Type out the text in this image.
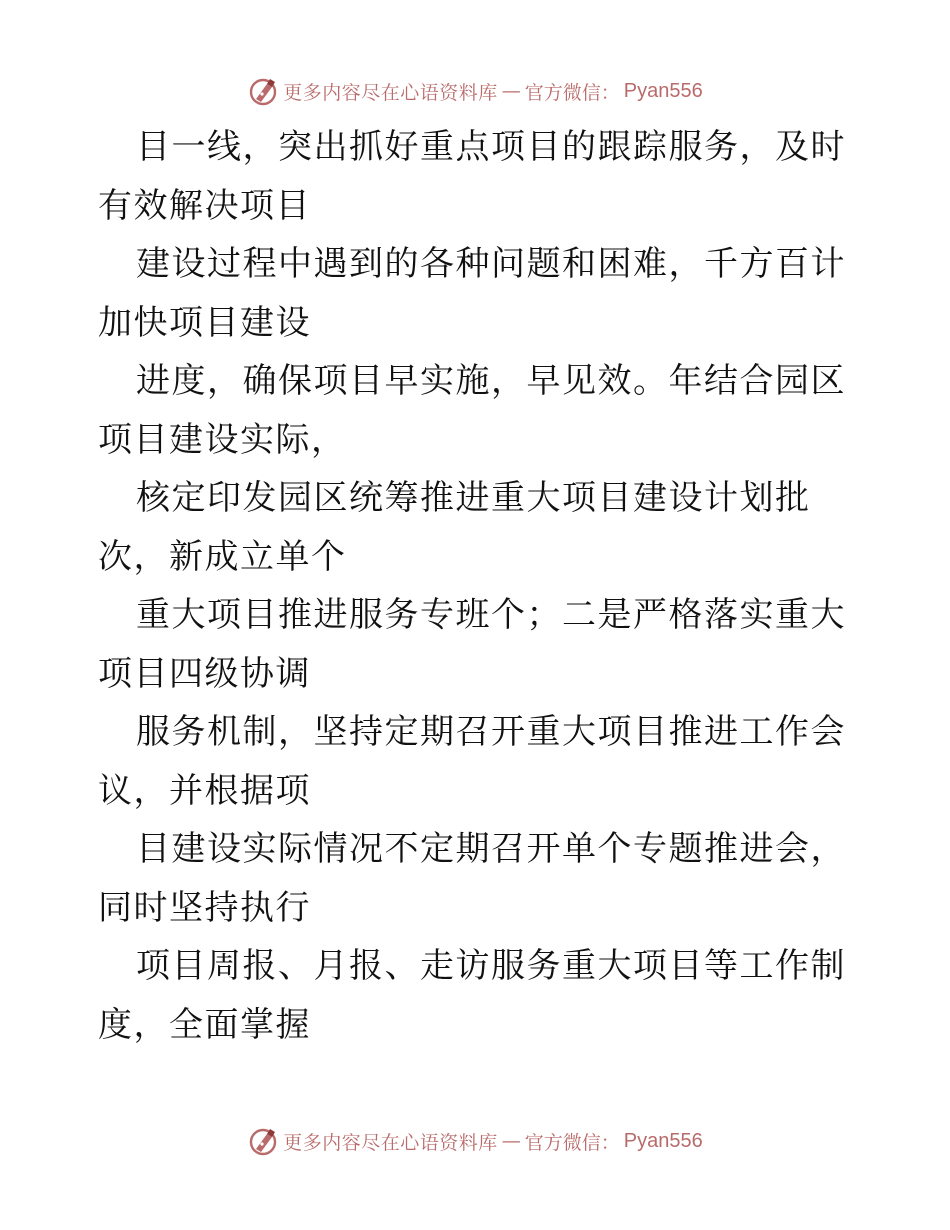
更多内容尽在心语资料库 — 官方微信： Pyan556

目一线，突出抓好重点项目的跟踪服务，及时有效解决项目

建设过程中遇到的各种问题和困难，千方百计加快项目建设

进度，确保项目早实施，早见效。年结合园区项目建设实际，

核定印发园区统筹推进重大项目建设计划批次，新成立单个

重大项目推进服务专班个；二是严格落实重大项目四级协调

服务机制，坚持定期召开重大项目推进工作会议，并根据项

目建设实际情况不定期召开单个专题推进会，同时坚持执行

项目周报、月报、走访服务重大项目等工作制度，全面掌握

更多内容尽在心语资料库 — 官方微信： Pyan556
